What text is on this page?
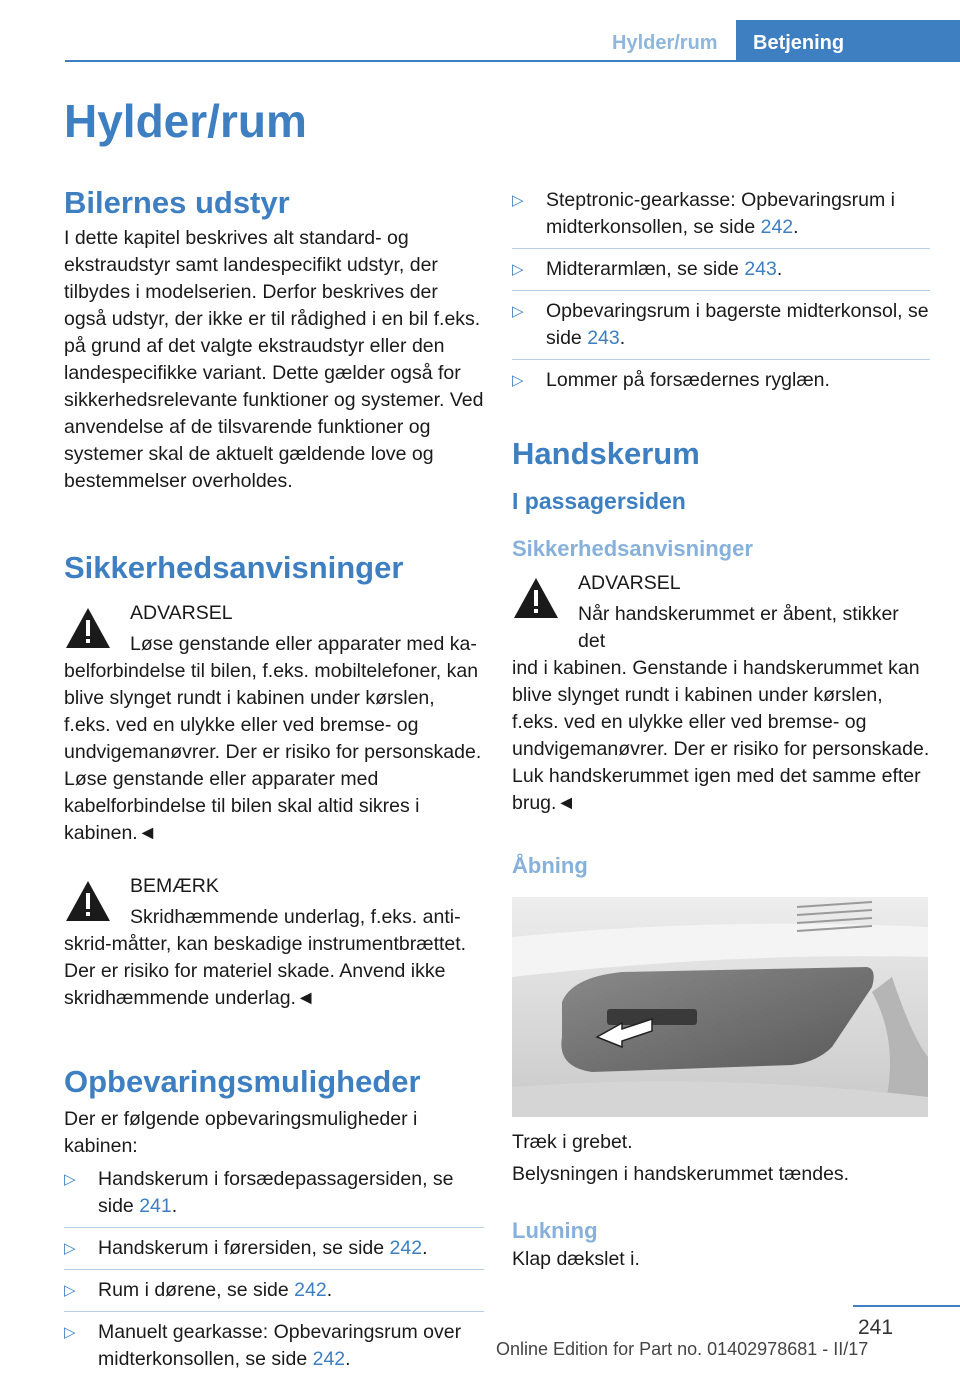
Hylder/rum Betjening
Hylder/rum
Bilernes udstyr

I dette kapitel beskrives alt standard- og ekstraudstyr samt landespecifikt udstyr, der tilbydes i modelserien. Derfor beskrives der også udstyr, der ikke er til rådighed i en bil f.eks. på grund af det valgte ekstraudstyr eller den landespecifikke variant. Dette gælder også for sikkerhedsrelevante funktioner og systemer. Ved anvendelse af de tilsvarende funktioner og systemer skal de aktuelt gældende love og bestemmelser overholdes.

Sikkerhedsanvisninger
ADVARSEL

Løse genstande eller apparater med ka-

belforbindelse til bilen, f.eks. mobiltelefoner, kan blive slynget rundt i kabinen under kørslen, f.eks. ved en ulykke eller ved bremse- og undvigemanøvrer. Der er risiko for personskade. Løse genstande eller apparater med kabelforbindelse til bilen skal altid sikres i kabinen.◄

BEMÆRK

Skridhæmmende underlag, f.eks. anti-

skrid-måtter, kan beskadige instrumentbrættet. Der er risiko for materiel skade. Anvend ikke skridhæmmende underlag.◄

Opbevaringsmuligheder

Der er følgende opbevaringsmuligheder i kabinen:

▷ Handskerum i forsædepassagersiden, se side 241.
▷ Handskerum i førersiden, se side 242.
▷ Rum i dørene, se side 242.
▷ Manuelt gearkasse: Opbevaringsrum over midterkonsollen, se side 242.
▷ Steptronic-gearkasse: Opbevaringsrum i midterkonsollen, se side 242.
▷ Midterarmlæn, se side 243.
▷ Opbevaringsrum i bagerste midterkonsol, se side 243.
▷ Lommer på forsædernes ryglæn.
Handskerum
I passagersiden
Sikkerhedsanvisninger
ADVARSEL

Når handskerummet er åbent, stikker det

ind i kabinen. Genstande i handskerummet kan blive slynget rundt i kabinen under kørslen, f.eks. ved en ulykke eller ved bremse- og undvigemanøvrer. Der er risiko for personskade. Luk handskerummet igen med det samme efter brug.◄

Åbning

Træk i grebet.

Belysningen i handskerummet tændes.

Lukning

Klap dækslet i.

241
Online Edition for Part no. 01402978681 - II/17
